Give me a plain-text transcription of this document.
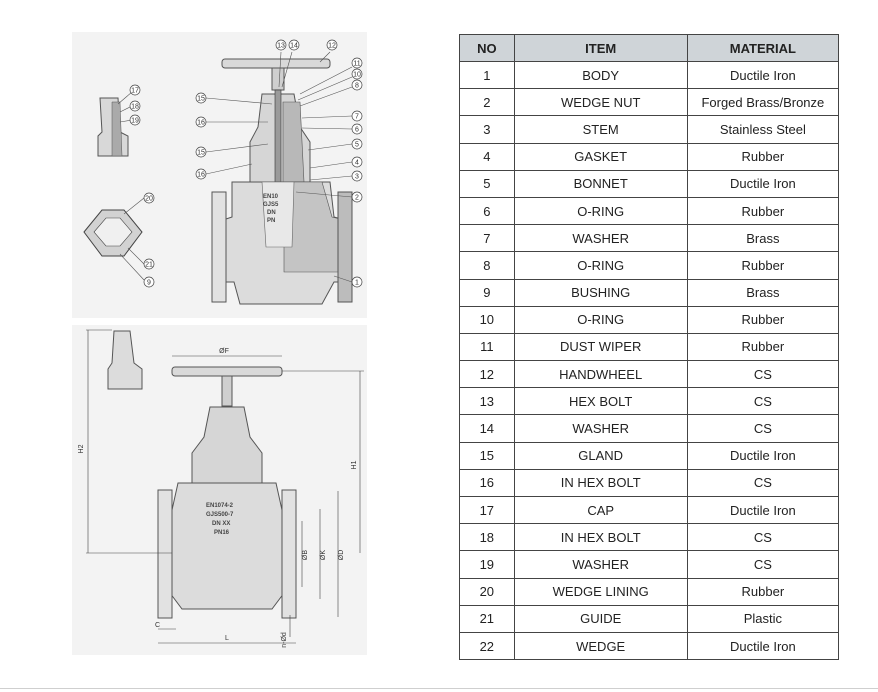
EN10
GJS5
DN
PN
13 14	12
11
10
8
15
16
7
6
15
5
4
16	3
2
1
17
18
19
20
21
9
EN1074-2
GJS500-7
DN XX
PN16
ØF
H2
H1
ØB ØK ØD
C
n-Ød
L
NO	ITEM	MATERIAL
1	BODY	Ductile Iron
2	WEDGE NUT	Forged Brass/Bronze
3	STEM	Stainless Steel
4	GASKET	Rubber
5	BONNET	Ductile Iron
6	O-RING	Rubber
7	WASHER	Brass
8	O-RING	Rubber
9	BUSHING	Brass
10	O-RING	Rubber
11	DUST WIPER	Rubber
12	HANDWHEEL	CS
13	HEX BOLT	CS
14	WASHER	CS
15	GLAND	Ductile Iron
16	IN HEX BOLT	CS
17	CAP	Ductile Iron
18	IN HEX BOLT	CS
19	WASHER	CS
20	WEDGE LINING	Rubber
21	GUIDE	Plastic
22	WEDGE	Ductile Iron
